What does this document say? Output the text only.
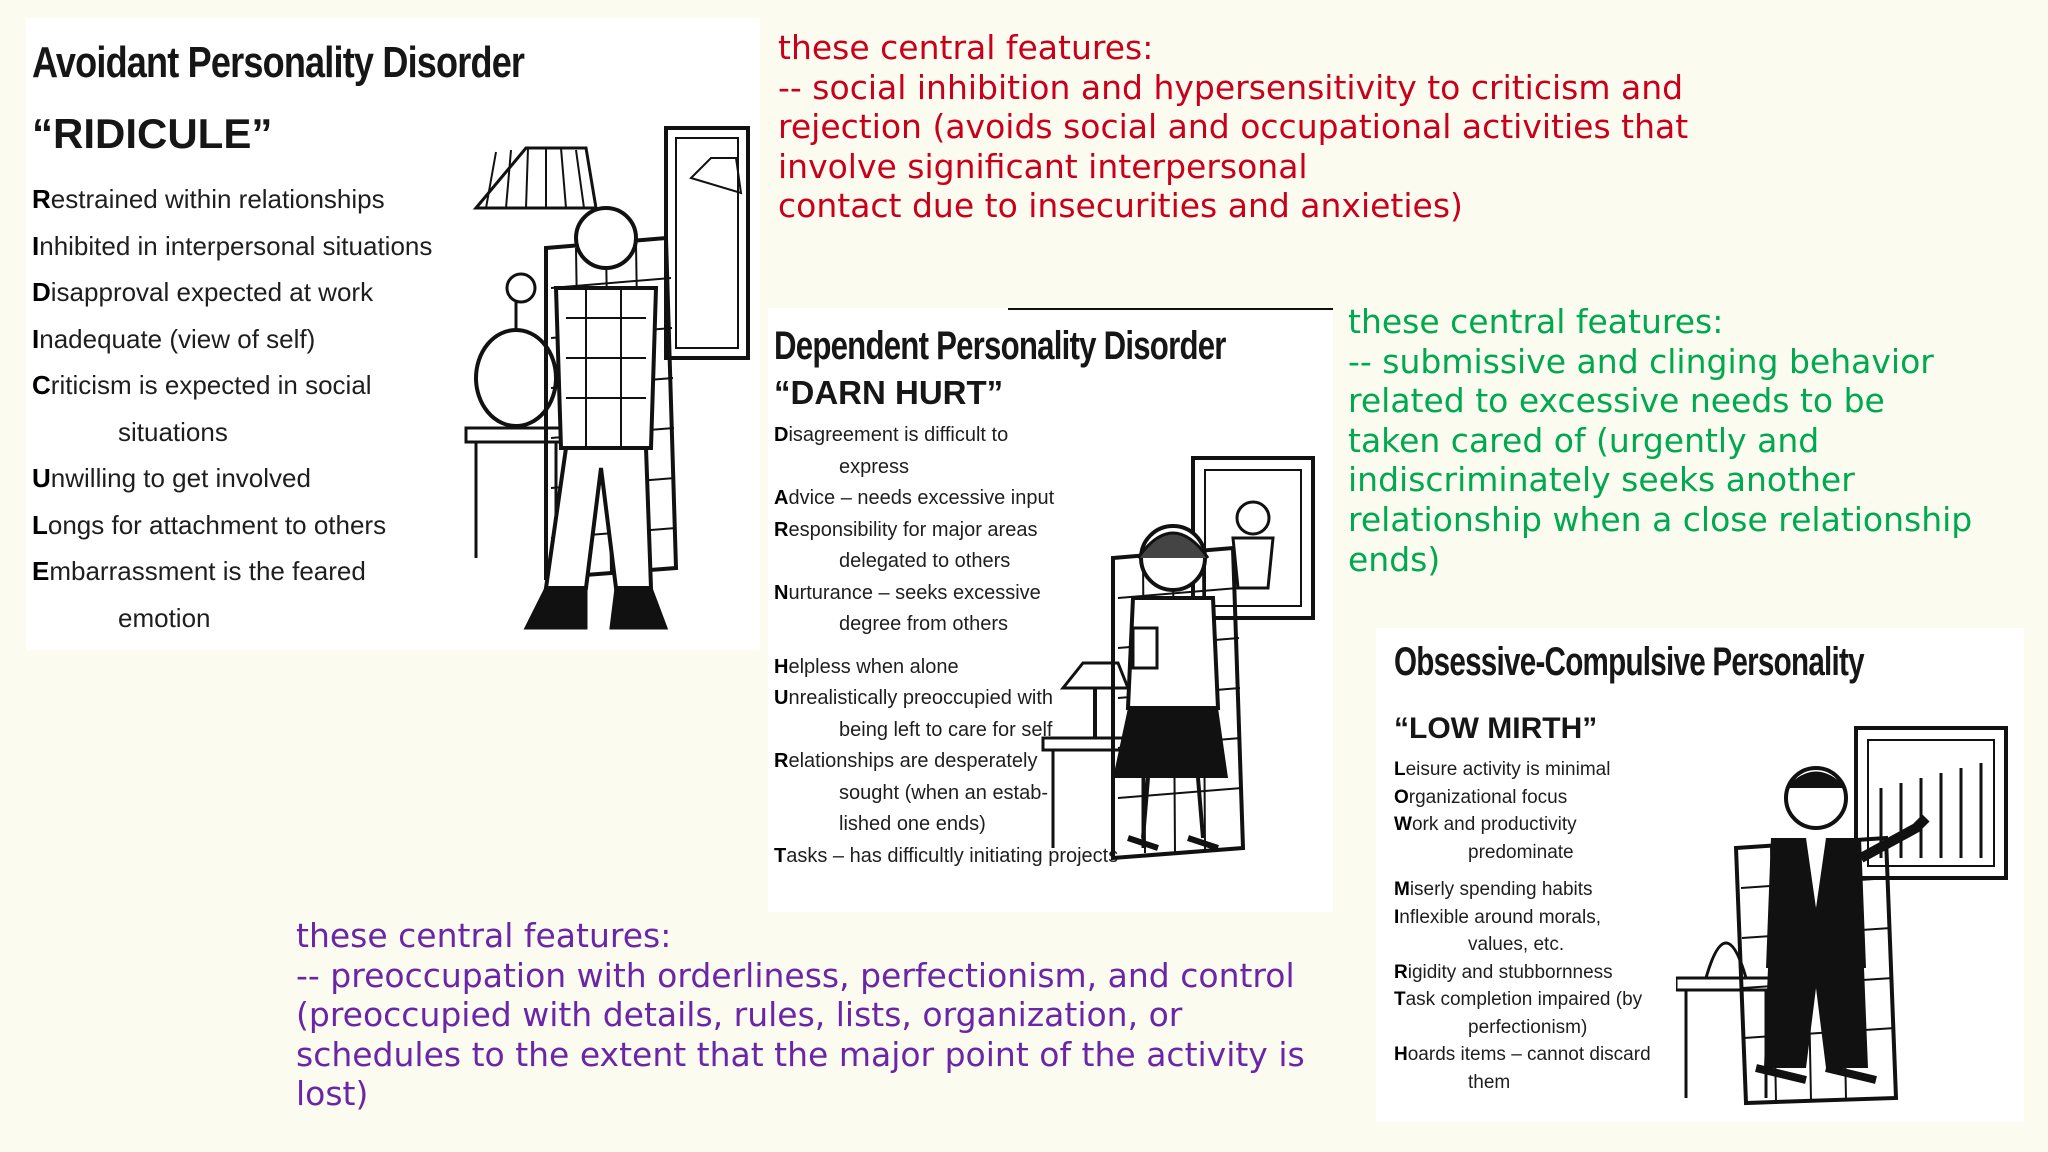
Avoidant Personality Disorder
“RIDICULE”
Restrained within relationships
Inhibited in interpersonal situations
Disapproval expected at work
Inadequate (view of self)
Criticism is expected in social
situations
Unwilling to get involved
Longs for attachment to others
Embarrassment is the feared
emotion

these central features:
-- social inhibition and hypersensitivity to criticism and
rejection (avoids social and occupational activities that
involve significant interpersonal
contact due to insecurities and anxieties)

Dependent Personality Disorder
“DARN HURT”
Disagreement is difficult to
express
Advice – needs excessive input
Responsibility for major areas
delegated to others
Nurturance – seeks excessive
degree from others
Helpless when alone
Unrealistically preoccupied with
being left to care for self
Relationships are desperately
sought (when an estab-
lished one ends)
Tasks – has difficultly initiating projects

these central features:
-- submissive and clinging behavior
related to excessive needs to be
taken cared of (urgently and
indiscriminately seeks another
relationship when a close relationship
ends)

Obsessive-Compulsive Personality
“LOW MIRTH”
Leisure activity is minimal
Organizational focus
Work and productivity
predominate
Miserly spending habits
Inflexible around morals,
values, etc.
Rigidity and stubbornness
Task completion impaired (by
perfectionism)
Hoards items – cannot discard
them

these central features:
-- preoccupation with orderliness, perfectionism, and control
(preoccupied with details, rules, lists, organization, or
schedules to the extent that the major point of the activity is
lost)
